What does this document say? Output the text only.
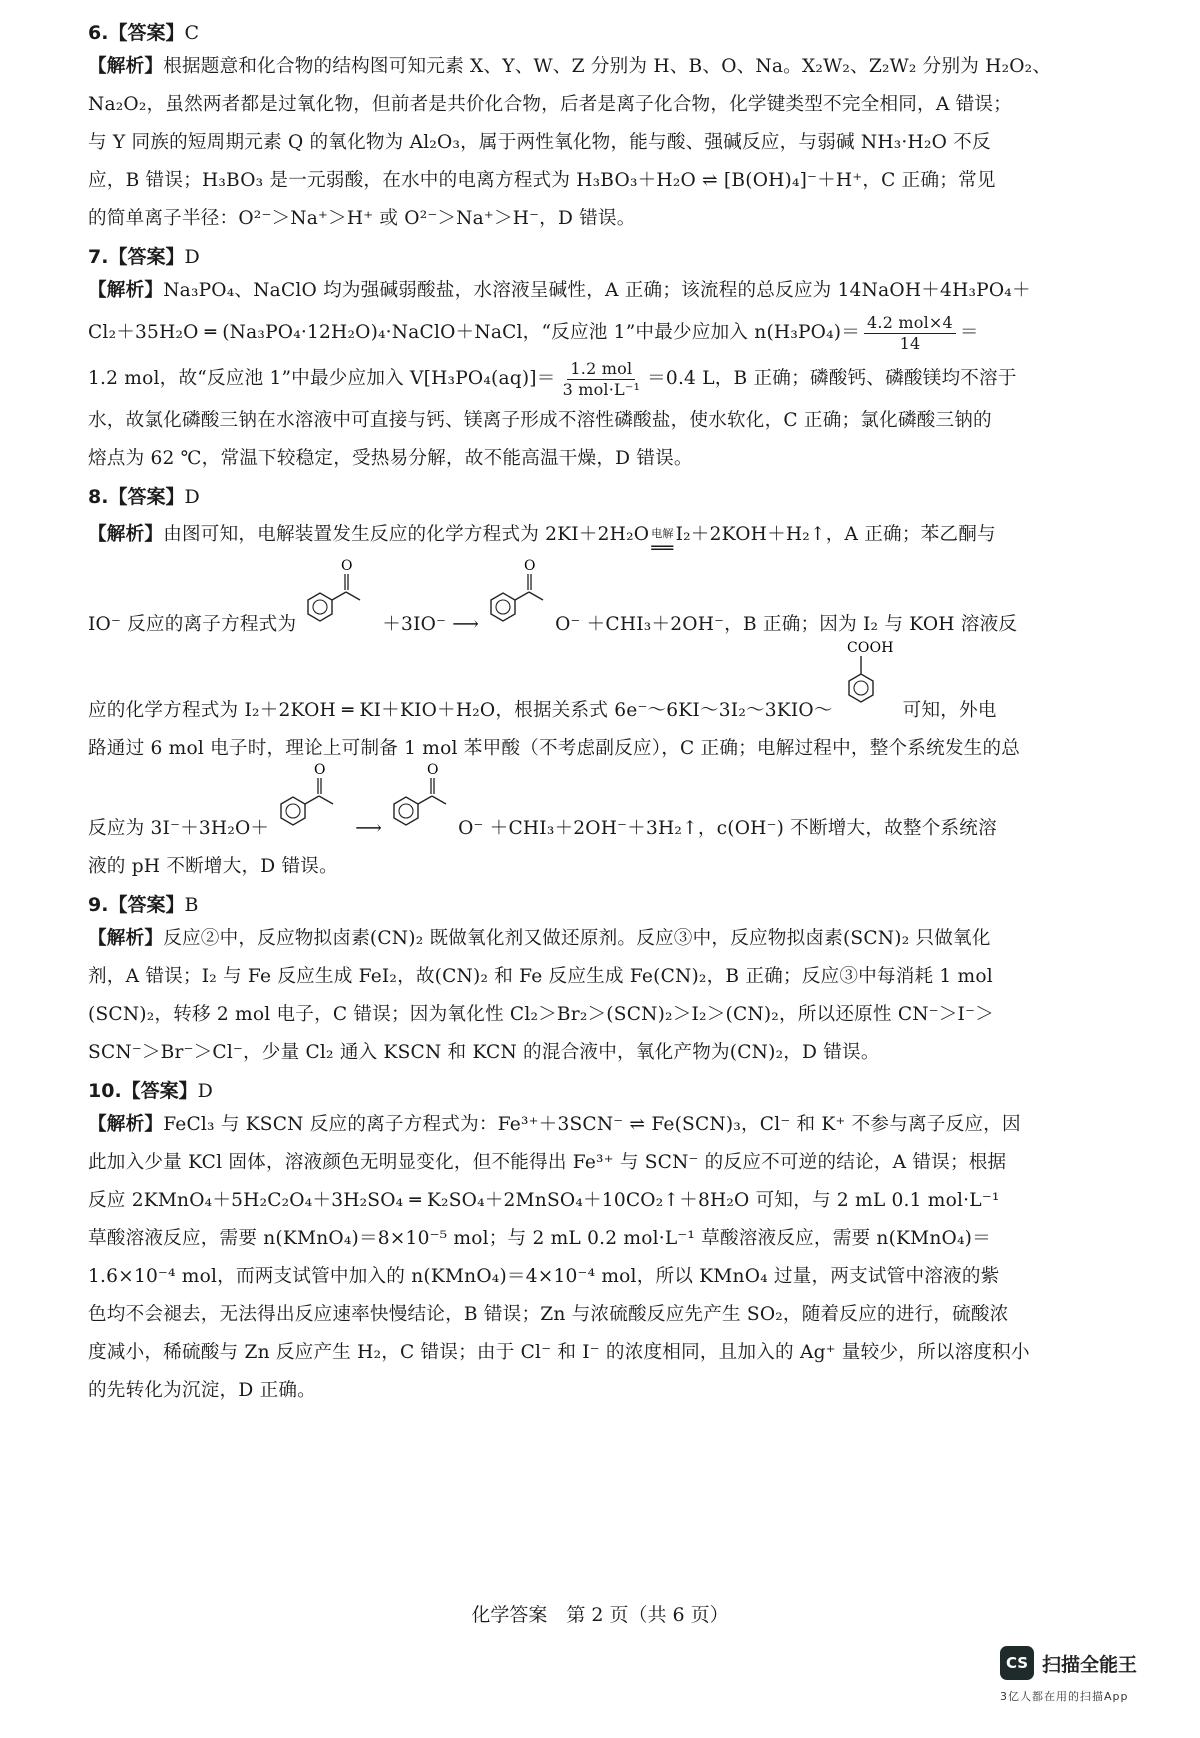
6.【答案】C
【解析】根据题意和化合物的结构图可知元素 X、Y、W、Z 分别为 H、B、O、Na。X₂W₂、Z₂W₂ 分别为 H₂O₂、
Na₂O₂，虽然两者都是过氧化物，但前者是共价化合物，后者是离子化合物，化学键类型不完全相同，A 错误；
与 Y 同族的短周期元素 Q 的氧化物为 Al₂O₃，属于两性氧化物，能与酸、强碱反应，与弱碱 NH₃·H₂O 不反
应，B 错误；H₃BO₃ 是一元弱酸，在水中的电离方程式为 H₃BO₃＋H₂O ⇌ [B(OH)₄]⁻＋H⁺，C 正确；常见
的简单离子半径：O²⁻＞Na⁺＞H⁺ 或 O²⁻＞Na⁺＞H⁻，D 错误。
7.【答案】D
【解析】Na₃PO₄、NaClO 均为强碱弱酸盐，水溶液呈碱性，A 正确；该流程的总反应为 14NaOH＋4H₃PO₄＋

Cl₂＋35H₂O ═ (Na₃PO₄·12H₂O)₄·NaClO＋NaCl，“反应池 1”中最少应加入 $n(H_3PO_4)= \frac{\text{4.2 mol×4}}{14}$ ＝
1.2 mol，故“反应池 1”中最少应加入 $V[H_3PO_4(aq)]= \frac{\text{1.2 mol}}{\text{3 mol·L⁻¹}} =0.4$ L，B 正确；磷酸钙、磷酸镁均不溶于
水，故氯化磷酸三钠在水溶液中可直接与钙、镁离子形成不溶性磷酸盐，使水软化，C 正确；氯化磷酸三钠的
熔点为 62 ℃，常温下较稳定，受热易分解，故不能高温干燥，D 错误。
8.【答案】D
【解析】由图可知，电解装置发生反应的化学方程式为 2KI＋2H₂O 电解
══
I₂＋2KOH＋H₂↑，A 正确；苯乙酮与
IO⁻ 反应的离子方程式为
O
＋3IO⁻ ⟶
O
O⁻ ＋CHI₃＋2OH⁻，B 正确；因为 I₂ 与 KOH 溶液反
应的化学方程式为 I₂＋2KOH ═ KI＋KIO＋H₂O，根据关系式 6e⁻～6KI～3I₂～3KIO～
COOH
可知，外电
路通过 6 mol 电子时，理论上可制备 1 mol 苯甲酸（不考虑副反应），C 正确；电解过程中，整个系统发生的总
反应为 3I⁻＋3H₂O＋
O
⟶
O
O⁻ ＋CHI₃＋2OH⁻＋3H₂↑，c(OH⁻) 不断增大，故整个系统溶
液的 pH 不断增大，D 错误。
9.【答案】B
【解析】反应②中，反应物拟卤素(CN)₂ 既做氧化剂又做还原剂。反应③中，反应物拟卤素(SCN)₂ 只做氧化
剂，A 错误；I₂ 与 Fe 反应生成 FeI₂，故(CN)₂ 和 Fe 反应生成 Fe(CN)₂，B 正确；反应③中每消耗 1 mol
(SCN)₂，转移 2 mol 电子，C 错误；因为氧化性 Cl₂＞Br₂＞(SCN)₂＞I₂＞(CN)₂，所以还原性 CN⁻＞I⁻＞
SCN⁻＞Br⁻＞Cl⁻，少量 Cl₂ 通入 KSCN 和 KCN 的混合液中，氧化产物为(CN)₂，D 错误。
10.【答案】D
【解析】FeCl₃ 与 KSCN 反应的离子方程式为：Fe³⁺＋3SCN⁻ ⇌ Fe(SCN)₃，Cl⁻ 和 K⁺ 不参与离子反应，因
此加入少量 KCl 固体，溶液颜色无明显变化，但不能得出 Fe³⁺ 与 SCN⁻ 的反应不可逆的结论，A 错误；根据
反应 2KMnO₄＋5H₂C₂O₄＋3H₂SO₄ ═ K₂SO₄＋2MnSO₄＋10CO₂↑＋8H₂O 可知，与 2 mL 0.1 mol·L⁻¹
草酸溶液反应，需要 n(KMnO₄)＝8×10⁻⁵ mol；与 2 mL 0.2 mol·L⁻¹ 草酸溶液反应，需要 n(KMnO₄)＝
1.6×10⁻⁴ mol，而两支试管中加入的 n(KMnO₄)＝4×10⁻⁴ mol，所以 KMnO₄ 过量，两支试管中溶液的紫
色均不会褪去，无法得出反应速率快慢结论，B 错误；Zn 与浓硫酸反应先产生 SO₂，随着反应的进行，硫酸浓
度减小，稀硫酸与 Zn 反应产生 H₂，C 错误；由于 Cl⁻ 和 I⁻ 的浓度相同，且加入的 Ag⁺ 量较少，所以溶度积小
的先转化为沉淀，D 正确。
化学答案　第 2 页（共 6 页）
CS 扫描全能王
3亿人都在用的扫描App
